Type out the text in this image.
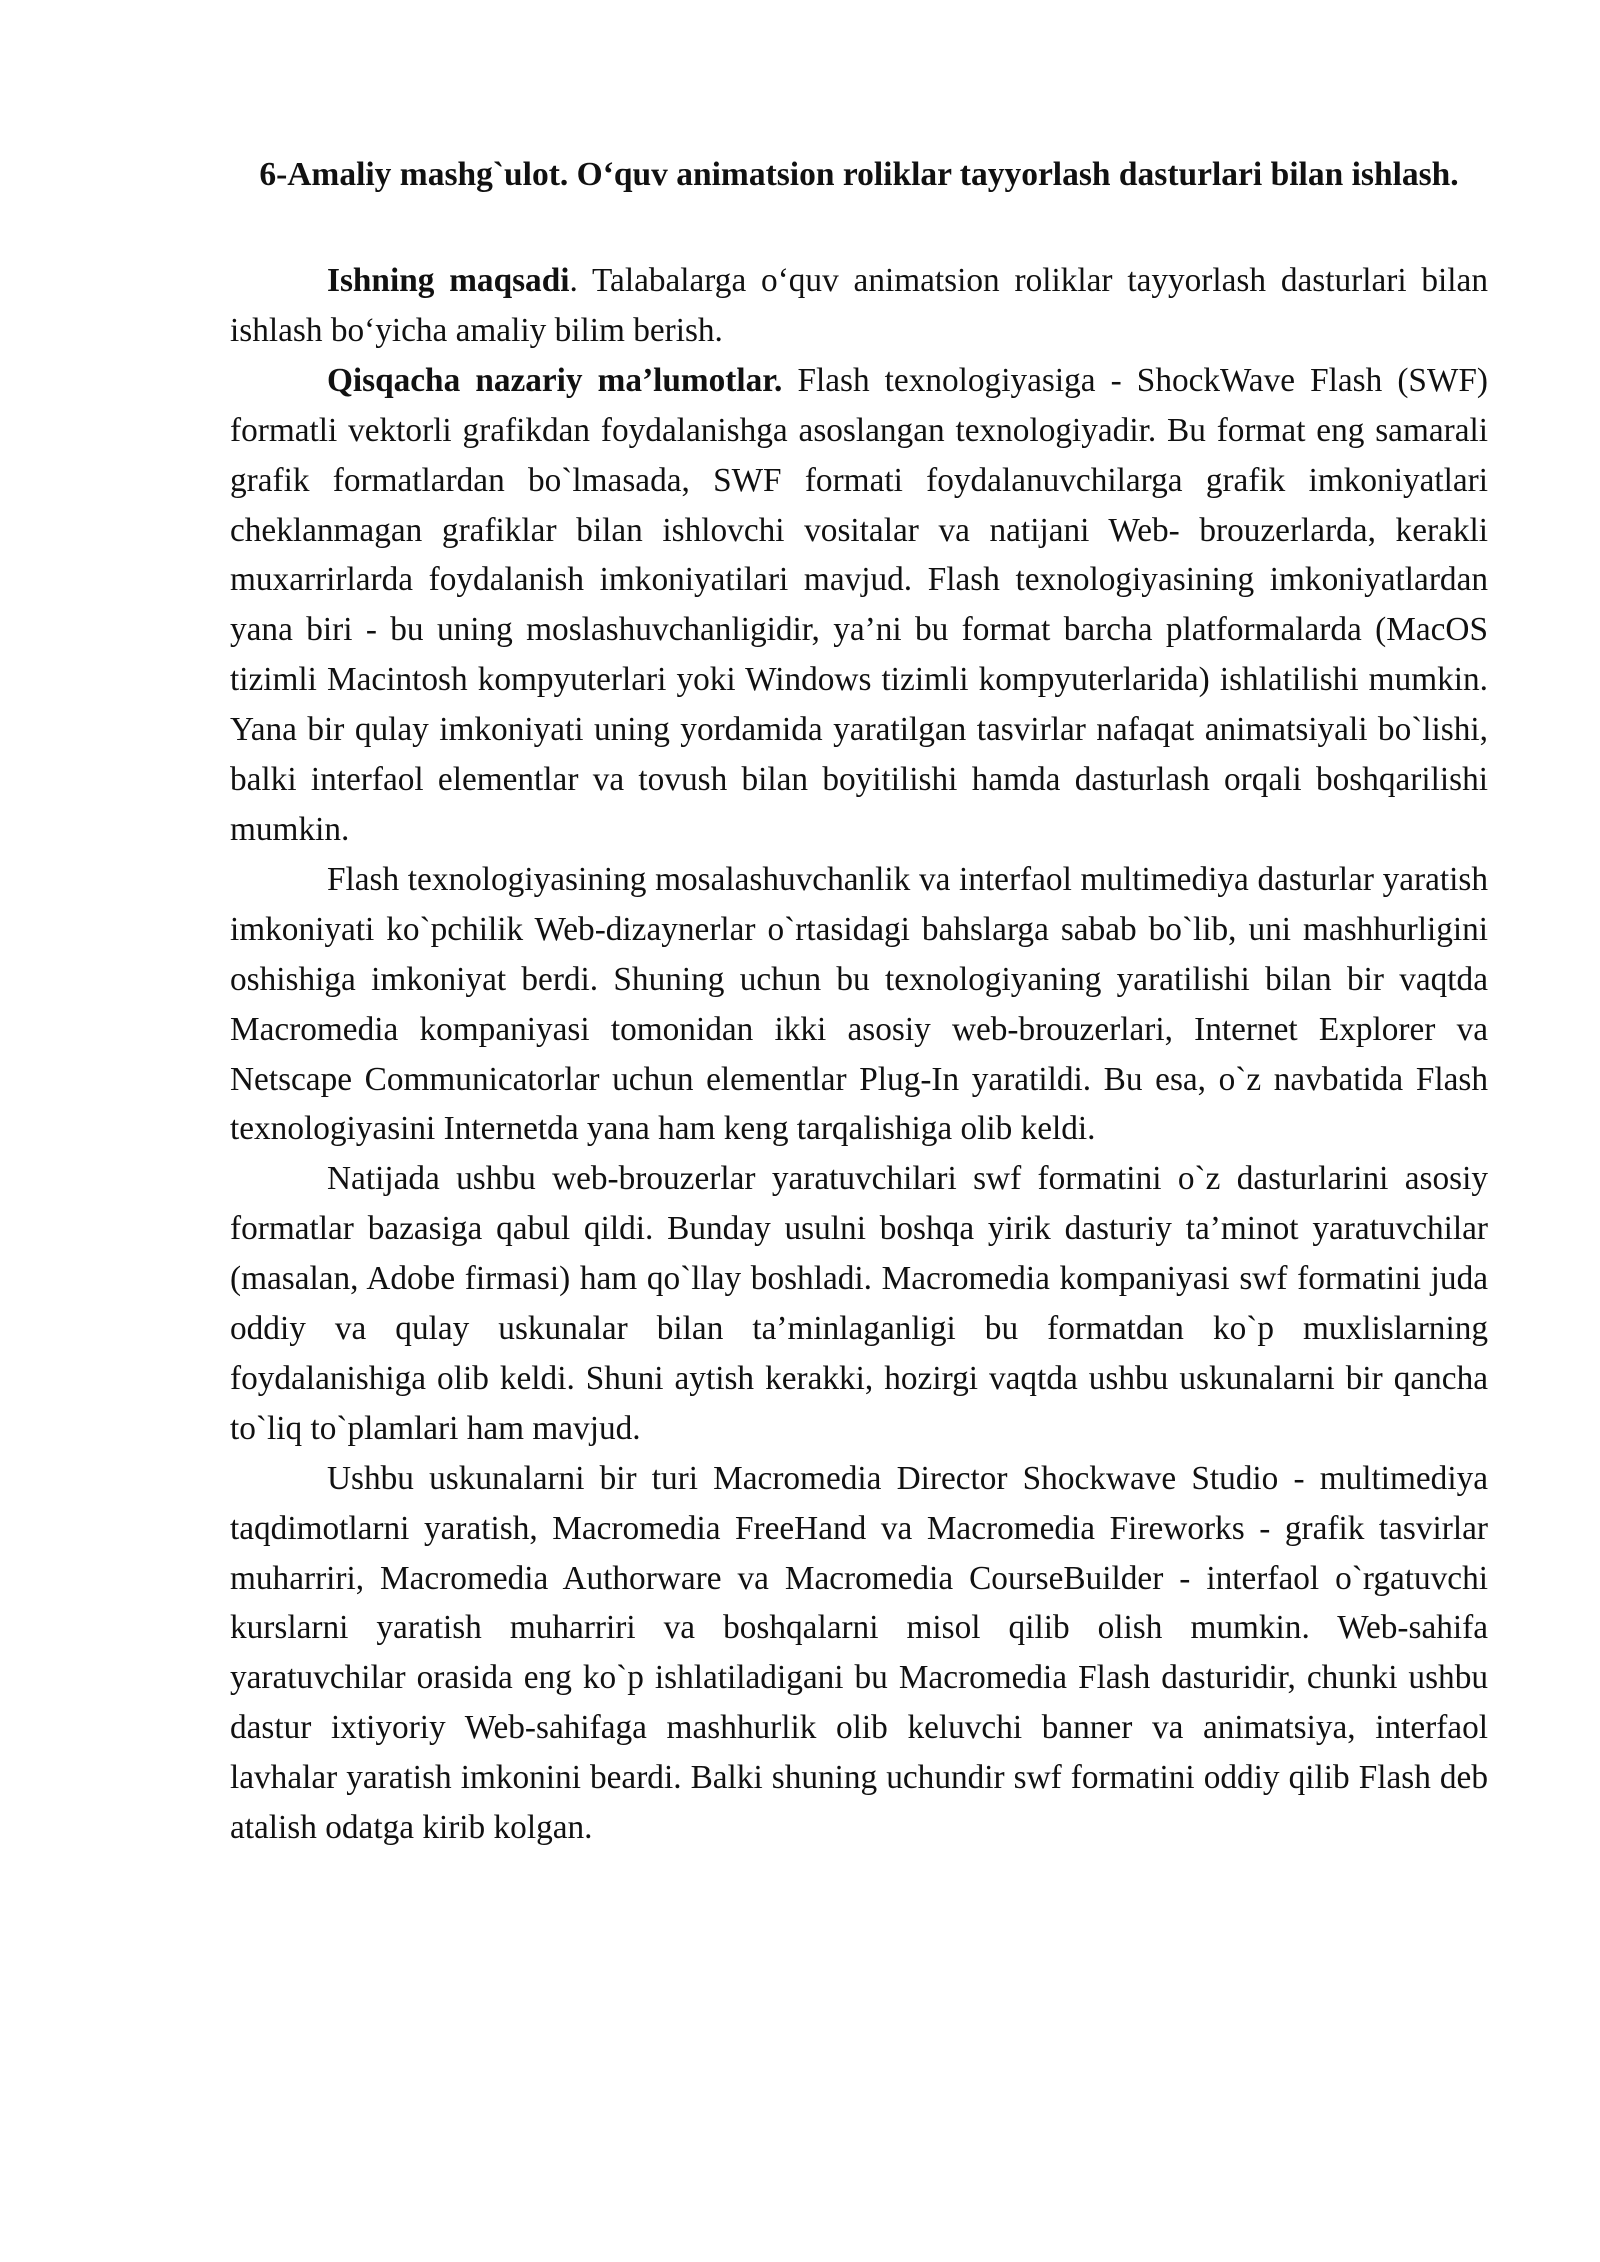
6-Amaliy mashg`ulot. O‘quv animatsion roliklar tayyorlash dasturlari bilan ishlash.

Ishning maqsadi. Talabalarga o‘quv animatsion roliklar tayyorlash dasturlari bilan ishlash bo‘yicha amaliy bilim berish.

Qisqacha nazariy ma’lumotlar. Flash texnologiyasiga - ShockWave Flash (SWF) formatli vektorli grafikdan foydalanishga asoslangan texnologiyadir. Bu format eng samarali grafik formatlardan bo`lmasada, SWF formati foydalanuvchilarga grafik imkoniyatlari cheklanmagan grafiklar bilan ishlovchi vositalar va natijani Web- brouzerlarda, kerakli muxarrirlarda foydalanish imkoniyatilari mavjud. Flash texnologiyasining imkoniyatlardan yana biri - bu uning moslashuvchanligidir, ya’ni bu format barcha platformalarda (MacOS tizimli Macintosh kompyuterlari yoki Windows tizimli kompyuterlarida) ishlatilishi mumkin. Yana bir qulay imkoniyati uning yordamida yaratilgan tasvirlar nafaqat animatsiyali bo`lishi, balki interfaol elementlar va tovush bilan boyitilishi hamda dasturlash orqali boshqarilishi mumkin.

Flash texnologiyasining mosalashuvchanlik va interfaol multimediya dasturlar yaratish imkoniyati ko`pchilik Web-dizaynerlar o`rtasidagi bahslarga sabab bo`lib, uni mashhurligini oshishiga imkoniyat berdi. Shuning uchun bu texnologiyaning yaratilishi bilan bir vaqtda Macromedia kompaniyasi tomonidan ikki asosiy web-brouzerlari, Internet Explorer va Netscape Communicatorlar uchun elementlar Plug-In yaratildi. Bu esa, o`z navbatida Flash texnologiyasini Internetda yana ham keng tarqalishiga olib keldi.

Natijada ushbu web-brouzerlar yaratuvchilari swf formatini o`z dasturlarini asosiy formatlar bazasiga qabul qildi. Bunday usulni boshqa yirik dasturiy ta’minot yaratuvchilar (masalan, Adobe firmasi) ham qo`llay boshladi. Macromedia kompaniyasi swf formatini juda oddiy va qulay uskunalar bilan ta’minlaganligi bu formatdan ko`p muxlislarning foydalanishiga olib keldi. Shuni aytish kerakki, hozirgi vaqtda ushbu uskunalarni bir qancha to`liq to`plamlari ham mavjud.

Ushbu uskunalarni bir turi Macromedia Director Shockwave Studio - multimediya taqdimotlarni yaratish, Macromedia FreeHand va Macromedia Fireworks - grafik tasvirlar muharriri, Macromedia Authorware va Macromedia CourseBuilder - interfaol o`rgatuvchi kurslarni yaratish muharriri va boshqalarni misol qilib olish mumkin. Web-sahifa yaratuvchilar orasida eng ko`p ishlatiladigani bu Macromedia Flash dasturidir, chunki ushbu dastur ixtiyoriy Web-sahifaga mashhurlik olib keluvchi banner va animatsiya, interfaol lavhalar yaratish imkonini beardi. Balki shuning uchundir swf formatini oddiy qilib Flash deb atalish odatga kirib kolgan.
